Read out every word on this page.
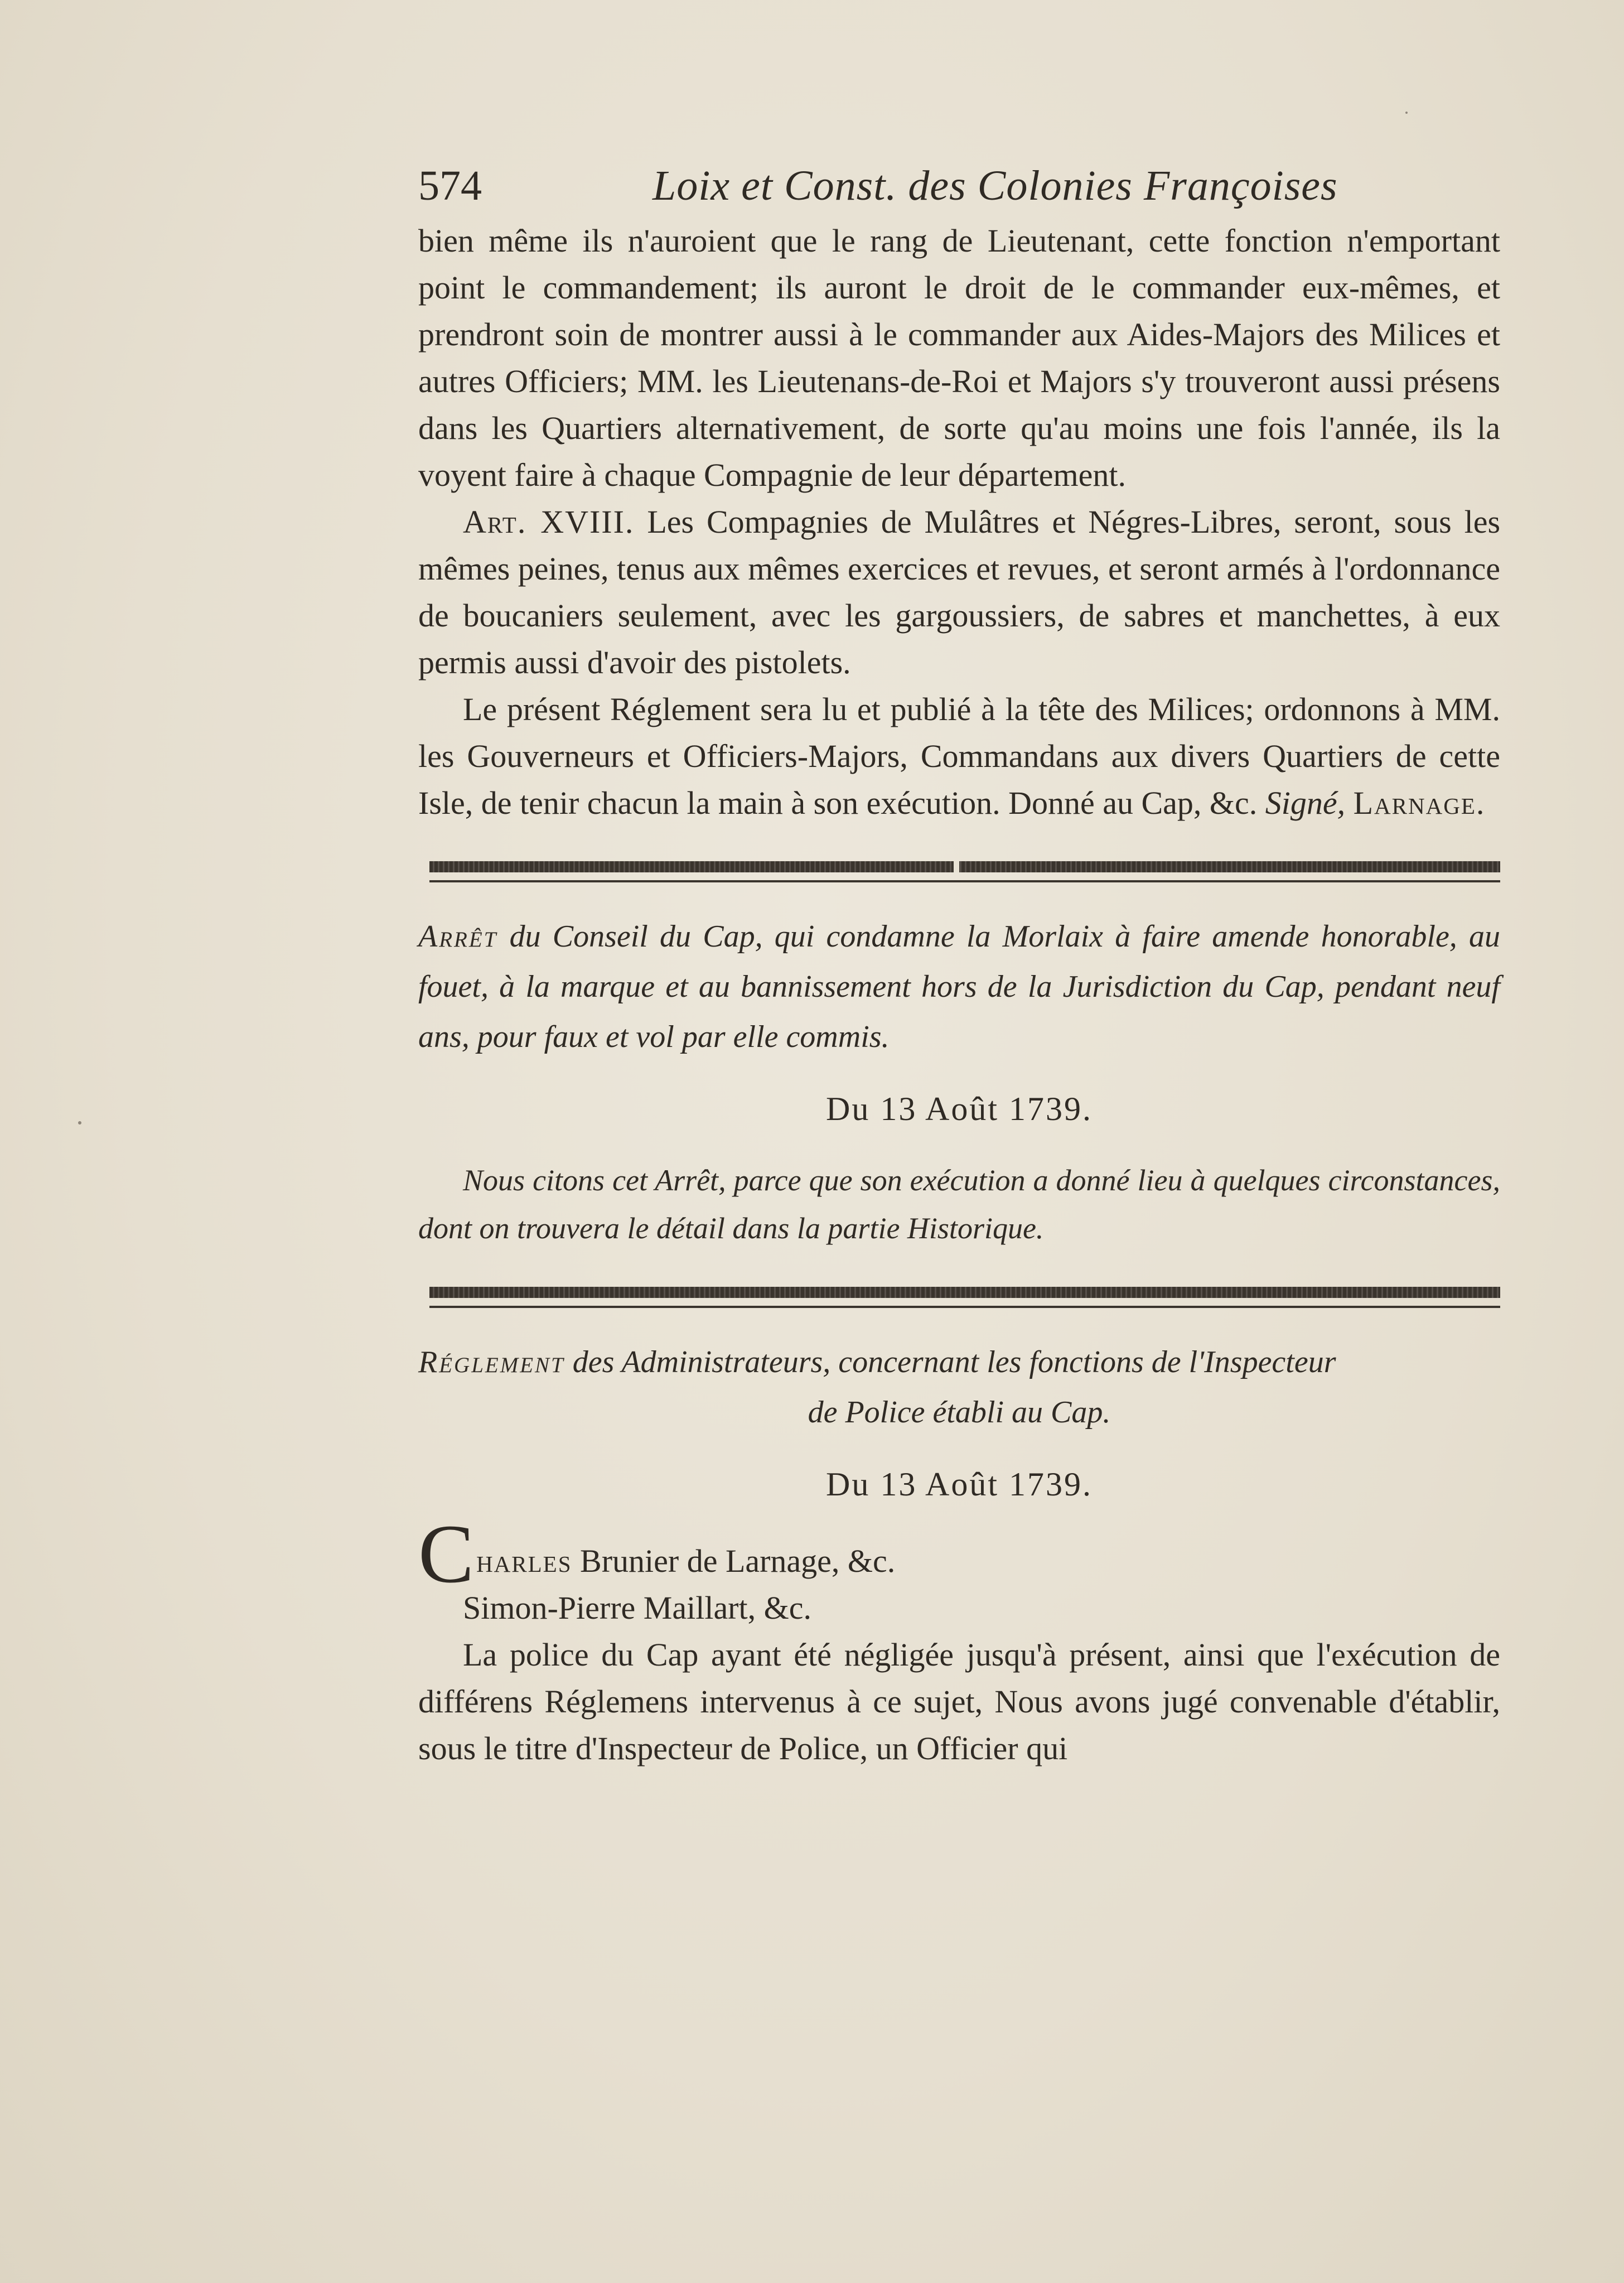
574	Loix et Const. des Colonies Françoises

bien même ils n'auroient que le rang de Lieutenant, cette fonction n'emportant point le commandement; ils auront le droit de le commander eux-mêmes, et prendront soin de montrer aussi à le commander aux Aides-Majors des Milices et autres Officiers; MM. les Lieutenans-de-Roi et Majors s'y trouveront aussi présens dans les Quartiers alternativement, de sorte qu'au moins une fois l'année, ils la voyent faire à chaque Compagnie de leur département.

Art. XVIII. Les Compagnies de Mulâtres et Négres-Libres, seront, sous les mêmes peines, tenus aux mêmes exercices et revues, et seront armés à l'ordonnance de boucaniers seulement, avec les gargoussiers, de sabres et manchettes, à eux permis aussi d'avoir des pistolets.

Le présent Réglement sera lu et publié à la tête des Milices; ordonnons à MM. les Gouverneurs et Officiers-Majors, Commandans aux divers Quartiers de cette Isle, de tenir chacun la main à son exécution. Donné au Cap, &c. Signé, Larnage.

Arrêt du Conseil du Cap, qui condamne la Morlaix à faire amende honorable, au fouet, à la marque et au bannissement hors de la Jurisdiction du Cap, pendant neuf ans, pour faux et vol par elle commis.

Du 13 Août 1739.

Nous citons cet Arrêt, parce que son exécution a donné lieu à quelques circonstances, dont on trouvera le détail dans la partie Historique.

Réglement des Administrateurs, concernant les fonctions de l'Inspecteur

de Police établi au Cap.

Du 13 Août 1739.

Charles Brunier de Larnage, &c.

Simon-Pierre Maillart, &c.

La police du Cap ayant été négligée jusqu'à présent, ainsi que l'exécution de différens Réglemens intervenus à ce sujet, Nous avons jugé convenable d'établir, sous le titre d'Inspecteur de Police, un Officier qui
